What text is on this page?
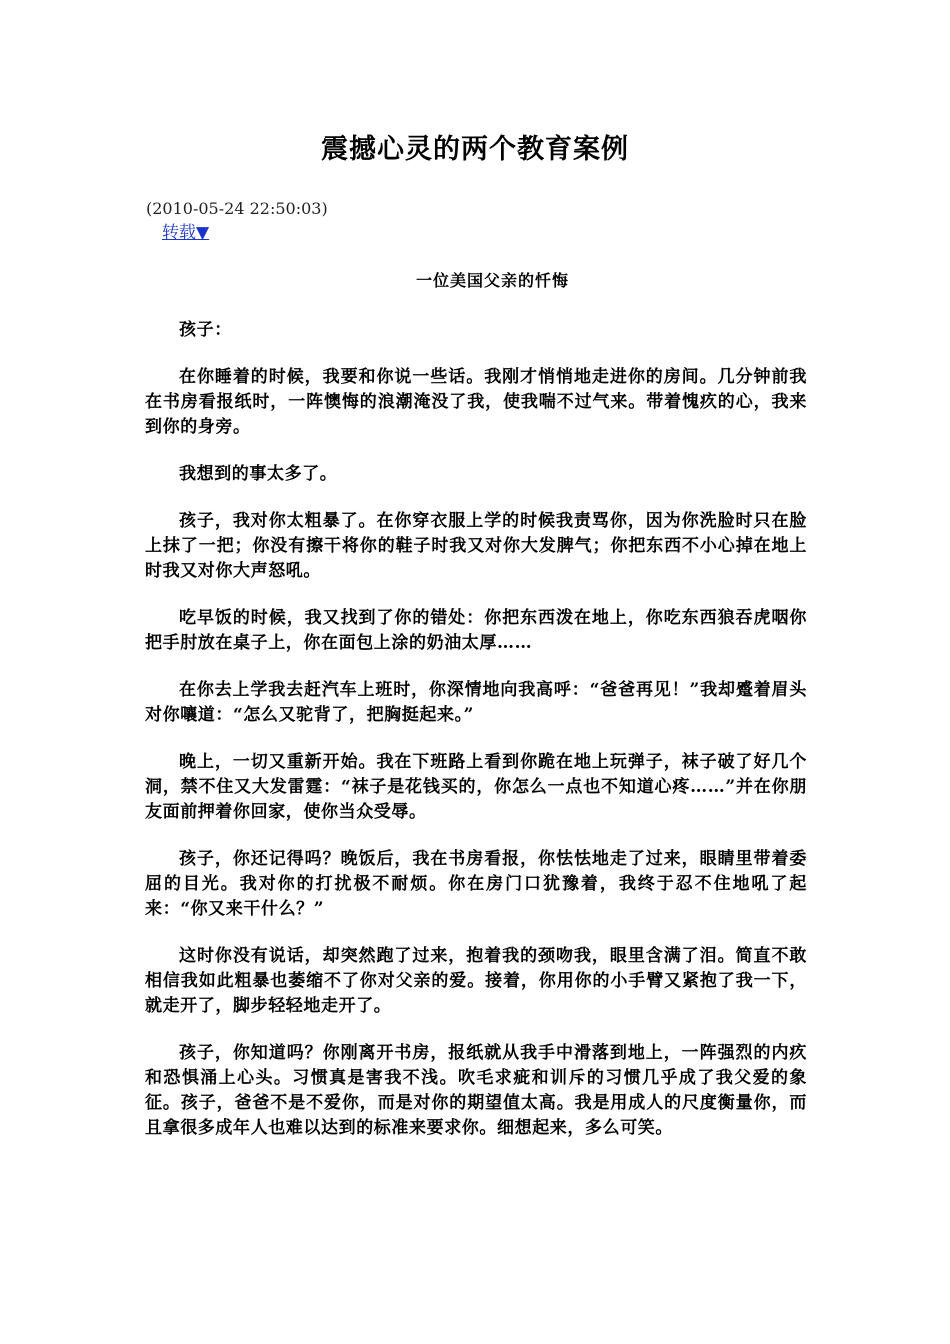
震撼心灵的两个教育案例
(2010-05-24 22:50:03)
转载▼
一位美国父亲的忏悔

孩子：

在你睡着的时候，我要和你说一些话。我刚才悄悄地走进你的房间。几分钟前我在书房看报纸时，一阵懊悔的浪潮淹没了我，使我喘不过气来。带着愧疚的心，我来到你的身旁。

我想到的事太多了。

孩子，我对你太粗暴了。在你穿衣服上学的时候我责骂你，因为你洗脸时只在脸上抹了一把；你没有擦干将你的鞋子时我又对你大发脾气；你把东西不小心掉在地上时我又对你大声怒吼。

吃早饭的时候，我又找到了你的错处：你把东西泼在地上，你吃东西狼吞虎咽你把手肘放在桌子上，你在面包上涂的奶油太厚……

在你去上学我去赶汽车上班时，你深情地向我高呼：“爸爸再见！”我却蹙着眉头对你嚷道：“怎么又驼背了，把胸挺起来。”

晚上，一切又重新开始。我在下班路上看到你跪在地上玩弹子，袜子破了好几个洞，禁不住又大发雷霆：“袜子是花钱买的，你怎么一点也不知道心疼……”并在你朋友面前押着你回家，使你当众受辱。

孩子，你还记得吗？晚饭后，我在书房看报，你怯怯地走了过来，眼睛里带着委屈的目光。我对你的打扰极不耐烦。你在房门口犹豫着，我终于忍不住地吼了起来：“你又来干什么？”

这时你没有说话，却突然跑了过来，抱着我的颈吻我，眼里含满了泪。简直不敢相信我如此粗暴也萎缩不了你对父亲的爱。接着，你用你的小手臂又紧抱了我一下，就走开了，脚步轻轻地走开了。

孩子，你知道吗？你刚离开书房，报纸就从我手中滑落到地上，一阵强烈的内疚和恐惧涌上心头。习惯真是害我不浅。吹毛求疵和训斥的习惯几乎成了我父爱的象征。孩子，爸爸不是不爱你，而是对你的期望值太高。我是用成人的尺度衡量你，而且拿很多成年人也难以达到的标准来要求你。细想起来，多么可笑。
